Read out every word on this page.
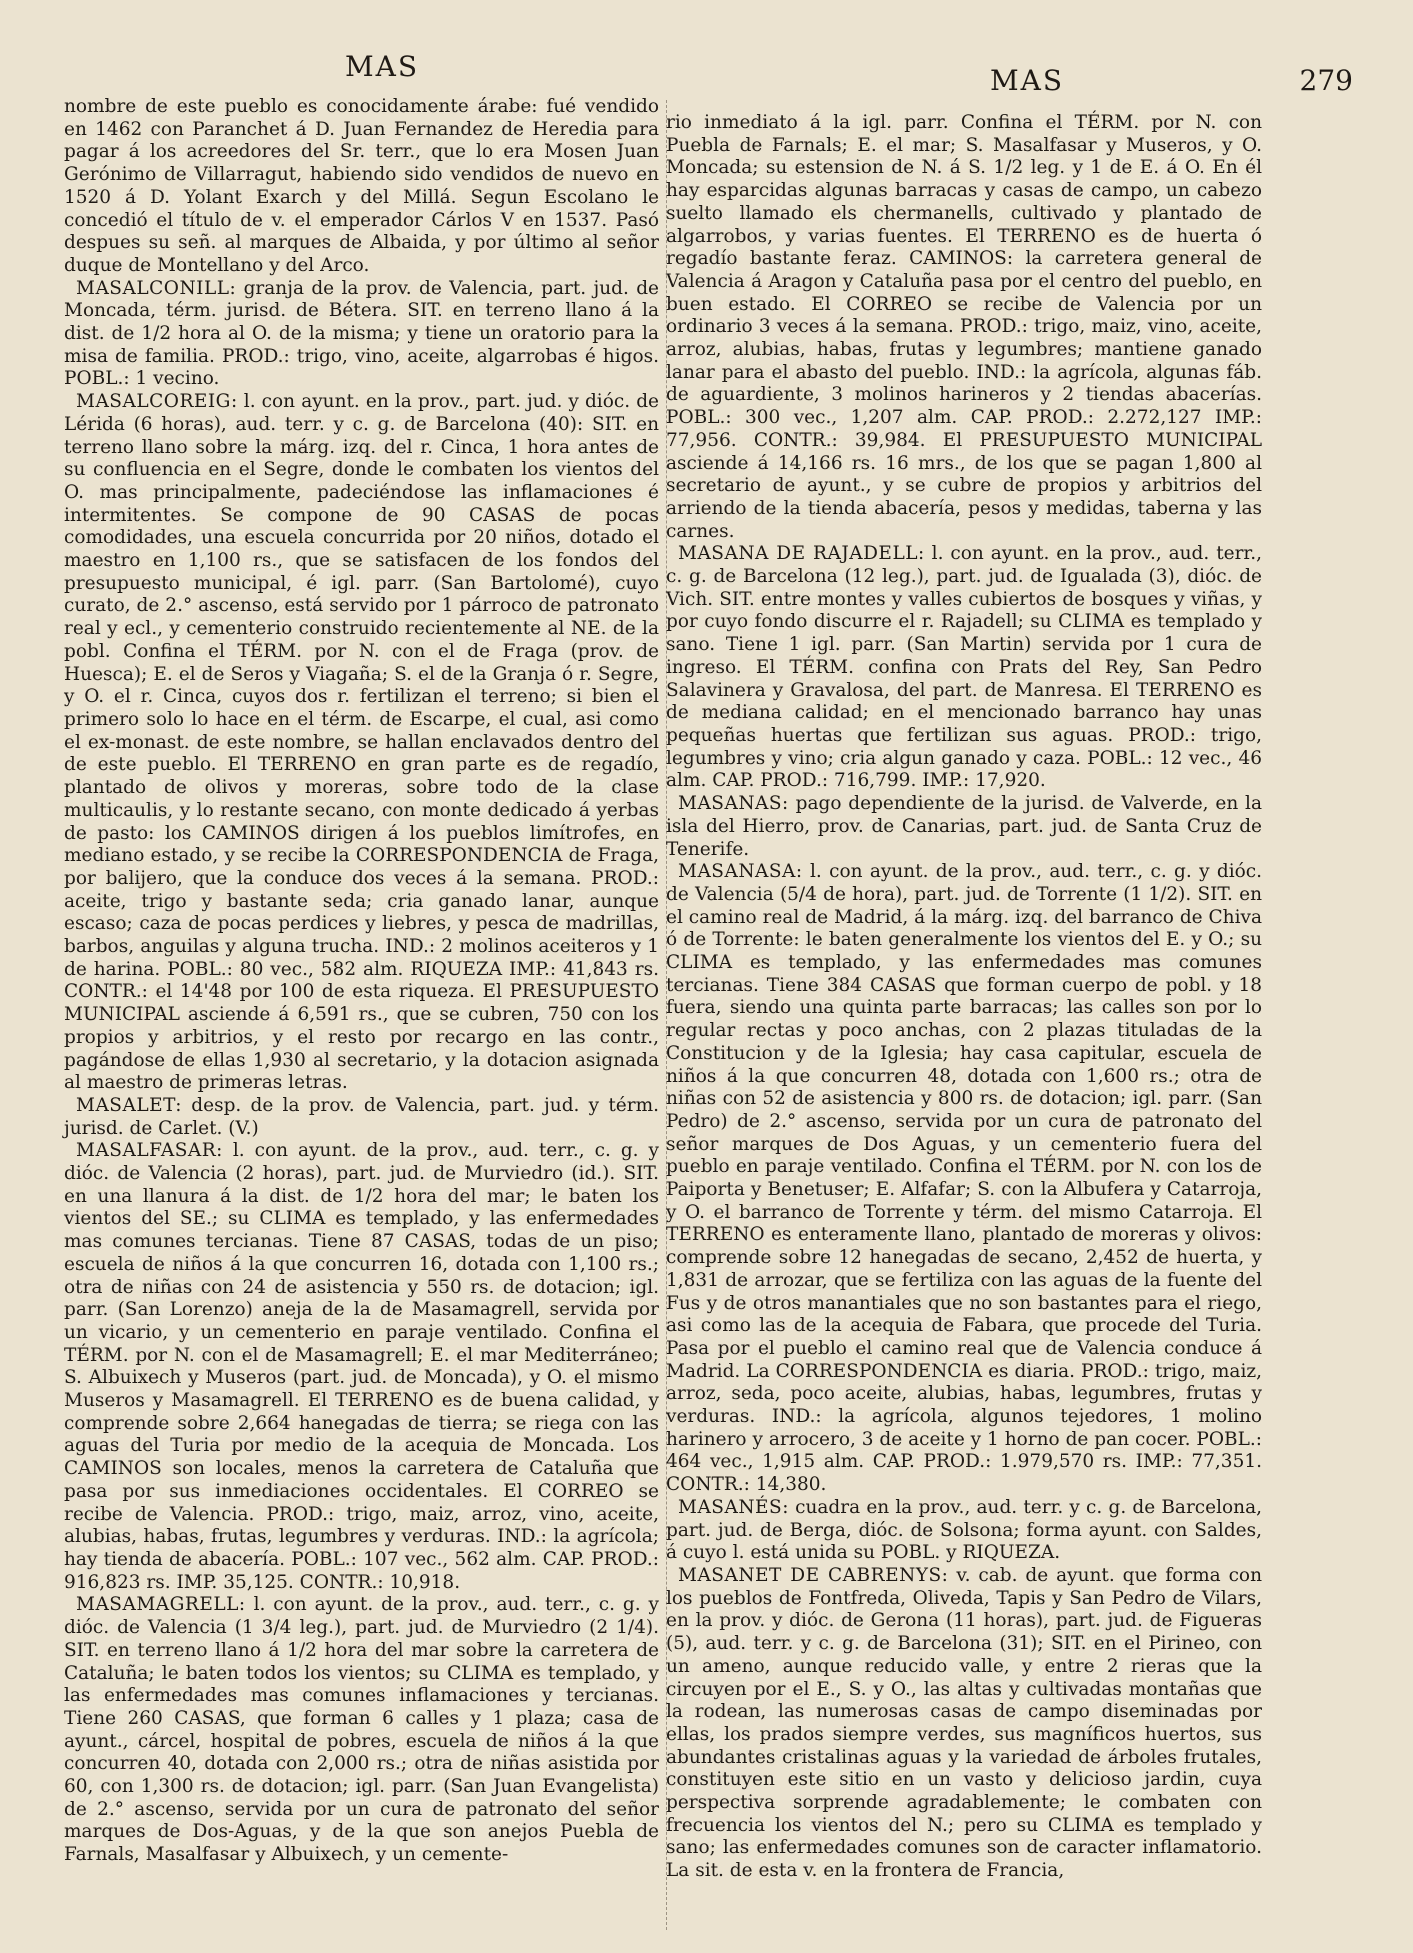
MAS	MAS	279

nombre de este pueblo es conocidamente árabe: fué vendido en 1462 con Paranchet á D. Juan Fernandez de Heredia para pagar á los acreedores del Sr. terr., que lo era Mosen Juan Gerónimo de Villarragut, habiendo sido vendidos de nuevo en 1520 á D. Yolant Exarch y del Millá. Segun Escolano le concedió el título de v. el emperador Cárlos V en 1537. Pasó despues su señ. al marques de Albaida, y por último al señor duque de Montellano y del Arco.

MASALCONILL: granja de la prov. de Valencia, part. jud. de Moncada, térm. jurisd. de Bétera. SIT. en terreno llano á la dist. de 1/2 hora al O. de la misma; y tiene un oratorio para la misa de familia. PROD.: trigo, vino, aceite, algarrobas é higos. POBL.: 1 vecino.

MASALCOREIG: l. con ayunt. en la prov., part. jud. y dióc. de Lérida (6 horas), aud. terr. y c. g. de Barcelona (40): SIT. en terreno llano sobre la márg. izq. del r. Cinca, 1 hora antes de su confluencia en el Segre, donde le combaten los vientos del O. mas principalmente, padeciéndose las inflamaciones é intermitentes. Se compone de 90 CASAS de pocas comodidades, una escuela concurrida por 20 niños, dotado el maestro en 1,100 rs., que se satisfacen de los fondos del presupuesto municipal, é igl. parr. (San Bartolomé), cuyo curato, de 2.° ascenso, está servido por 1 párroco de patronato real y ecl., y cementerio construido recientemente al NE. de la pobl. Confina el TÉRM. por N. con el de Fraga (prov. de Huesca); E. el de Seros y Viagaña; S. el de la Granja ó r. Segre, y O. el r. Cinca, cuyos dos r. fertilizan el terreno; si bien el primero solo lo hace en el térm. de Escarpe, el cual, asi como el ex-monast. de este nombre, se hallan enclavados dentro del de este pueblo. El TERRENO en gran parte es de regadío, plantado de olivos y moreras, sobre todo de la clase multicaulis, y lo restante secano, con monte dedicado á yerbas de pasto: los CAMINOS dirigen á los pueblos limítrofes, en mediano estado, y se recibe la CORRESPONDENCIA de Fraga, por balijero, que la conduce dos veces á la semana. PROD.: aceite, trigo y bastante seda; cria ganado lanar, aunque escaso; caza de pocas perdices y liebres, y pesca de madrillas, barbos, anguilas y alguna trucha. IND.: 2 molinos aceiteros y 1 de harina. POBL.: 80 vec., 582 alm. RIQUEZA IMP.: 41,843 rs. CONTR.: el 14'48 por 100 de esta riqueza. El PRESUPUESTO MUNICIPAL asciende á 6,591 rs., que se cubren, 750 con los propios y arbitrios, y el resto por recargo en las contr., pagándose de ellas 1,930 al secretario, y la dotacion asignada al maestro de primeras letras.

MASALET: desp. de la prov. de Valencia, part. jud. y térm. jurisd. de Carlet. (V.)

MASALFASAR: l. con ayunt. de la prov., aud. terr., c. g. y dióc. de Valencia (2 horas), part. jud. de Murviedro (id.). SIT. en una llanura á la dist. de 1/2 hora del mar; le baten los vientos del SE.; su CLIMA es templado, y las enfermedades mas comunes tercianas. Tiene 87 CASAS, todas de un piso; escuela de niños á la que concurren 16, dotada con 1,100 rs.; otra de niñas con 24 de asistencia y 550 rs. de dotacion; igl. parr. (San Lorenzo) aneja de la de Masamagrell, servida por un vicario, y un cementerio en paraje ventilado. Confina el TÉRM. por N. con el de Masamagrell; E. el mar Mediterráneo; S. Albuixech y Museros (part. jud. de Moncada), y O. el mismo Museros y Masamagrell. El TERRENO es de buena calidad, y comprende sobre 2,664 hanegadas de tierra; se riega con las aguas del Turia por medio de la acequia de Moncada. Los CAMINOS son locales, menos la carretera de Cataluña que pasa por sus inmediaciones occidentales. El CORREO se recibe de Valencia. PROD.: trigo, maiz, arroz, vino, aceite, alubias, habas, frutas, legumbres y verduras. IND.: la agrícola; hay tienda de abacería. POBL.: 107 vec., 562 alm. CAP. PROD.: 916,823 rs. IMP. 35,125. CONTR.: 10,918.

MASAMAGRELL: l. con ayunt. de la prov., aud. terr., c. g. y dióc. de Valencia (1 3/4 leg.), part. jud. de Murviedro (2 1/4). SIT. en terreno llano á 1/2 hora del mar sobre la carretera de Cataluña; le baten todos los vientos; su CLIMA es templado, y las enfermedades mas comunes inflamaciones y tercianas. Tiene 260 CASAS, que forman 6 calles y 1 plaza; casa de ayunt., cárcel, hospital de pobres, escuela de niños á la que concurren 40, dotada con 2,000 rs.; otra de niñas asistida por 60, con 1,300 rs. de dotacion; igl. parr. (San Juan Evangelista) de 2.° ascenso, servida por un cura de patronato del señor marques de Dos-Aguas, y de la que son anejos Puebla de Farnals, Masalfasar y Albuixech, y un cemente-

rio inmediato á la igl. parr. Confina el TÉRM. por N. con Puebla de Farnals; E. el mar; S. Masalfasar y Museros, y O. Moncada; su estension de N. á S. 1/2 leg. y 1 de E. á O. En él hay esparcidas algunas barracas y casas de campo, un cabezo suelto llamado els chermanells, cultivado y plantado de algarrobos, y varias fuentes. El TERRENO es de huerta ó regadío bastante feraz. CAMINOS: la carretera general de Valencia á Aragon y Cataluña pasa por el centro del pueblo, en buen estado. El CORREO se recibe de Valencia por un ordinario 3 veces á la semana. PROD.: trigo, maiz, vino, aceite, arroz, alubias, habas, frutas y legumbres; mantiene ganado lanar para el abasto del pueblo. IND.: la agrícola, algunas fáb. de aguardiente, 3 molinos harineros y 2 tiendas abacerías. POBL.: 300 vec., 1,207 alm. CAP. PROD.: 2.272,127 IMP.: 77,956. CONTR.: 39,984. El PRESUPUESTO MUNICIPAL asciende á 14,166 rs. 16 mrs., de los que se pagan 1,800 al secretario de ayunt., y se cubre de propios y arbitrios del arriendo de la tienda abacería, pesos y medidas, taberna y las carnes.

MASANA DE RAJADELL: l. con ayunt. en la prov., aud. terr., c. g. de Barcelona (12 leg.), part. jud. de Igualada (3), dióc. de Vich. SIT. entre montes y valles cubiertos de bosques y viñas, y por cuyo fondo discurre el r. Rajadell; su CLIMA es templado y sano. Tiene 1 igl. parr. (San Martin) servida por 1 cura de ingreso. El TÉRM. confina con Prats del Rey, San Pedro Salavinera y Gravalosa, del part. de Manresa. El TERRENO es de mediana calidad; en el mencionado barranco hay unas pequeñas huertas que fertilizan sus aguas. PROD.: trigo, legumbres y vino; cria algun ganado y caza. POBL.: 12 vec., 46 alm. CAP. PROD.: 716,799. IMP.: 17,920.

MASANAS: pago dependiente de la jurisd. de Valverde, en la isla del Hierro, prov. de Canarias, part. jud. de Santa Cruz de Tenerife.

MASANASA: l. con ayunt. de la prov., aud. terr., c. g. y dióc. de Valencia (5/4 de hora), part. jud. de Torrente (1 1/2). SIT. en el camino real de Madrid, á la márg. izq. del barranco de Chiva ó de Torrente: le baten generalmente los vientos del E. y O.; su CLIMA es templado, y las enfermedades mas comunes tercianas. Tiene 384 CASAS que forman cuerpo de pobl. y 18 fuera, siendo una quinta parte barracas; las calles son por lo regular rectas y poco anchas, con 2 plazas tituladas de la Constitucion y de la Iglesia; hay casa capitular, escuela de niños á la que concurren 48, dotada con 1,600 rs.; otra de niñas con 52 de asistencia y 800 rs. de dotacion; igl. parr. (San Pedro) de 2.° ascenso, servida por un cura de patronato del señor marques de Dos Aguas, y un cementerio fuera del pueblo en paraje ventilado. Confina el TÉRM. por N. con los de Paiporta y Benetuser; E. Alfafar; S. con la Albufera y Catarroja, y O. el barranco de Torrente y térm. del mismo Catarroja. El TERRENO es enteramente llano, plantado de moreras y olivos: comprende sobre 12 hanegadas de secano, 2,452 de huerta, y 1,831 de arrozar, que se fertiliza con las aguas de la fuente del Fus y de otros manantiales que no son bastantes para el riego, asi como las de la acequia de Fabara, que procede del Turia. Pasa por el pueblo el camino real que de Valencia conduce á Madrid. La CORRESPONDENCIA es diaria. PROD.: trigo, maiz, arroz, seda, poco aceite, alubias, habas, legumbres, frutas y verduras. IND.: la agrícola, algunos tejedores, 1 molino harinero y arrocero, 3 de aceite y 1 horno de pan cocer. POBL.: 464 vec., 1,915 alm. CAP. PROD.: 1.979,570 rs. IMP.: 77,351. CONTR.: 14,380.

MASANÉS: cuadra en la prov., aud. terr. y c. g. de Barcelona, part. jud. de Berga, dióc. de Solsona; forma ayunt. con Saldes, á cuyo l. está unida su POBL. y RIQUEZA.

MASANET DE CABRENYS: v. cab. de ayunt. que forma con los pueblos de Fontfreda, Oliveda, Tapis y San Pedro de Vilars, en la prov. y dióc. de Gerona (11 horas), part. jud. de Figueras (5), aud. terr. y c. g. de Barcelona (31); SIT. en el Pirineo, con un ameno, aunque reducido valle, y entre 2 rieras que la circuyen por el E., S. y O., las altas y cultivadas montañas que la rodean, las numerosas casas de campo diseminadas por ellas, los prados siempre verdes, sus magníficos huertos, sus abundantes cristalinas aguas y la variedad de árboles frutales, constituyen este sitio en un vasto y delicioso jardin, cuya perspectiva sorprende agradablemente; le combaten con frecuencia los vientos del N.; pero su CLIMA es templado y sano; las enfermedades comunes son de caracter inflamatorio. La sit. de esta v. en la frontera de Francia,
